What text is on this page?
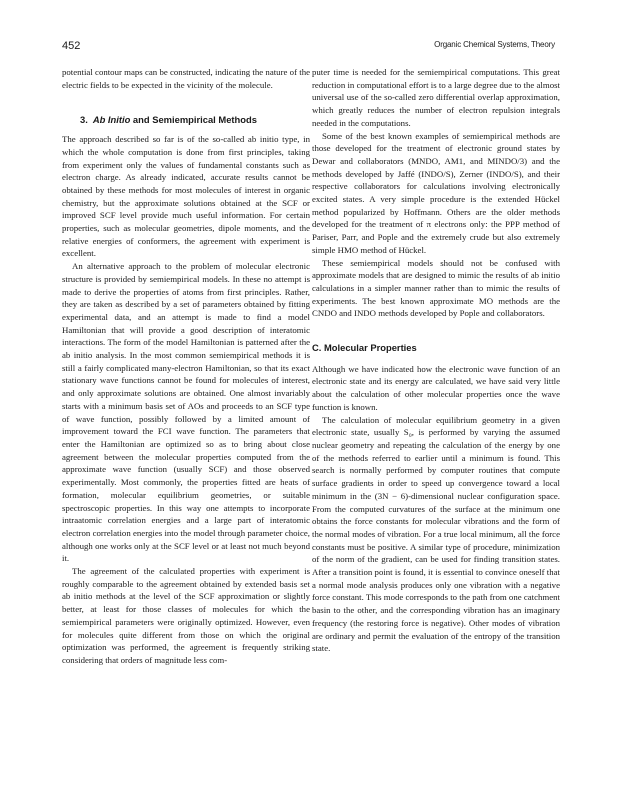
452	Organic Chemical Systems, Theory

potential contour maps can be constructed, indicating the nature of the electric fields to be expected in the vicinity of the molecule.

3. Ab Initio and Semiempirical Methods

The approach described so far is of the so-called ab initio type, in which the whole computation is done from first principles, taking from experiment only the values of fundamental constants such as electron charge. As already indicated, accurate results cannot be obtained by these methods for most molecules of interest in organic chemistry, but the approximate solutions obtained at the SCF or improved SCF level provide much useful information. For certain properties, such as molecular geometries, dipole moments, and the relative energies of conformers, the agreement with experiment is excellent.

An alternative approach to the problem of molecular electronic structure is provided by semiempirical models. In these no attempt is made to derive the properties of atoms from first principles. Rather, they are taken as described by a set of parameters obtained by fitting experimental data, and an attempt is made to find a model Hamiltonian that will provide a good description of interatomic interactions. The form of the model Hamiltonian is patterned after the ab initio analysis. In the most common semiempirical methods it is still a fairly complicated many-electron Hamiltonian, so that its exact stationary wave functions cannot be found for molecules of interest, and only approximate solutions are obtained. One almost invariably starts with a minimum basis set of AOs and proceeds to an SCF type of wave function, possibly followed by a limited amount of improvement toward the FCI wave function. The parameters that enter the Hamiltonian are optimized so as to bring about close agreement between the molecular properties computed from the approximate wave function (usually SCF) and those observed experimentally. Most commonly, the properties fitted are heats of formation, molecular equilibrium geometries, or suitable spectroscopic properties. In this way one attempts to incorporate intraatomic correlation energies and a large part of interatomic electron correlation energies into the model through parameter choice, although one works only at the SCF level or at least not much beyond it.

The agreement of the calculated properties with experiment is roughly comparable to the agreement obtained by extended basis set ab initio methods at the level of the SCF approximation or slightly better, at least for those classes of molecules for which the semiempirical parameters were originally optimized. However, even for molecules quite different from those on which the original optimization was performed, the agreement is frequently striking considering that orders of magnitude less com-

puter time is needed for the semiempirical computations. This great reduction in computational effort is to a large degree due to the almost universal use of the so-called zero differential overlap approximation, which greatly reduces the number of electron repulsion integrals needed in the computations.

Some of the best known examples of semiempirical methods are those developed for the treatment of electronic ground states by Dewar and collaborators (MNDO, AM1, and MINDO/3) and the methods developed by Jaffé (INDO/S), Zerner (INDO/S), and their respective collaborators for calculations involving electronically excited states. A very simple procedure is the extended Hückel method popularized by Hoffmann. Others are the older methods developed for the treatment of π electrons only: the PPP method of Pariser, Parr, and Pople and the extremely crude but also extremely simple HMO method of Hückel.

These semiempirical models should not be confused with approximate models that are designed to mimic the results of ab initio calculations in a simpler manner rather than to mimic the results of experiments. The best known approximate MO methods are the CNDO and INDO methods developed by Pople and collaborators.

C. Molecular Properties

Although we have indicated how the electronic wave function of an electronic state and its energy are calculated, we have said very little about the calculation of other molecular properties once the wave function is known.

The calculation of molecular equilibrium geometry in a given electronic state, usually S₀, is performed by varying the assumed nuclear geometry and repeating the calculation of the energy by one of the methods referred to earlier until a minimum is found. This search is normally performed by computer routines that compute surface gradients in order to speed up convergence toward a local minimum in the (3N − 6)-dimensional nuclear configuration space. From the computed curvatures of the surface at the minimum one obtains the force constants for molecular vibrations and the form of the normal modes of vibration. For a true local minimum, all the force constants must be positive. A similar type of procedure, minimization of the norm of the gradient, can be used for finding transition states. After a transition point is found, it is essential to convince oneself that a normal mode analysis produces only one vibration with a negative force constant. This mode corresponds to the path from one catchment basin to the other, and the corresponding vibration has an imaginary frequency (the restoring force is negative). Other modes of vibration are ordinary and permit the evaluation of the entropy of the transition state.
